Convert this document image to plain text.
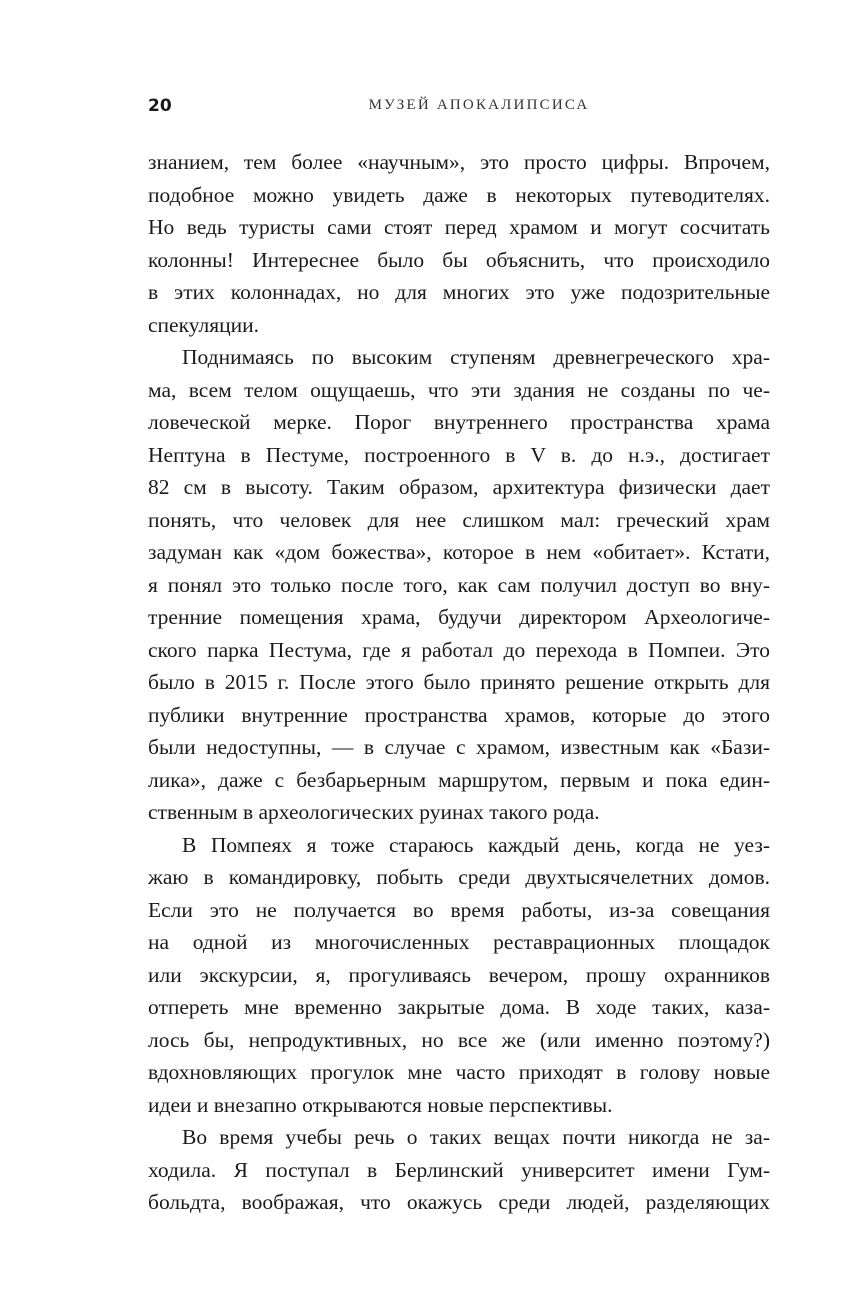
20	МУЗЕЙ АПОКАЛИПСИСА
знанием, тем более «научным», это просто цифры. Впрочем,
подобное можно увидеть даже в некоторых путеводителях.
Но ведь туристы сами стоят перед храмом и могут сосчитать
колонны! Интереснее было бы объяснить, что происходило
в этих колоннадах, но для многих это уже подозрительные
спекуляции.
Поднимаясь по высоким ступеням древнегреческого хра-
ма, всем телом ощущаешь, что эти здания не созданы по че-
ловеческой мерке. Порог внутреннего пространства храма
Нептуна в Пестуме, построенного в V в. до н.э., достигает
82 см в высоту. Таким образом, архитектура физически дает
понять, что человек для нее слишком мал: греческий храм
задуман как «дом божества», которое в нем «обитает». Кстати,
я понял это только после того, как сам получил доступ во вну-
тренние помещения храма, будучи директором Археологиче-
ского парка Пестума, где я работал до перехода в Помпеи. Это
было в 2015 г. После этого было принято решение открыть для
публики внутренние пространства храмов, которые до этого
были недоступны, — в случае с храмом, известным как «Бази-
лика», даже с безбарьерным маршрутом, первым и пока един-
ственным в археологических руинах такого рода.
В Помпеях я тоже стараюсь каждый день, когда не уез-
жаю в командировку, побыть среди двухтысячелетних домов.
Если это не получается во время работы, из-за совещания
на одной из многочисленных реставрационных площадок
или экскурсии, я, прогуливаясь вечером, прошу охранников
отпереть мне временно закрытые дома. В ходе таких, каза-
лось бы, непродуктивных, но все же (или именно поэтому?)
вдохновляющих прогулок мне часто приходят в голову новые
идеи и внезапно открываются новые перспективы.
Во время учебы речь о таких вещах почти никогда не за-
ходила. Я поступал в Берлинский университет имени Гум-
больдта, воображая, что окажусь среди людей, разделяющих
